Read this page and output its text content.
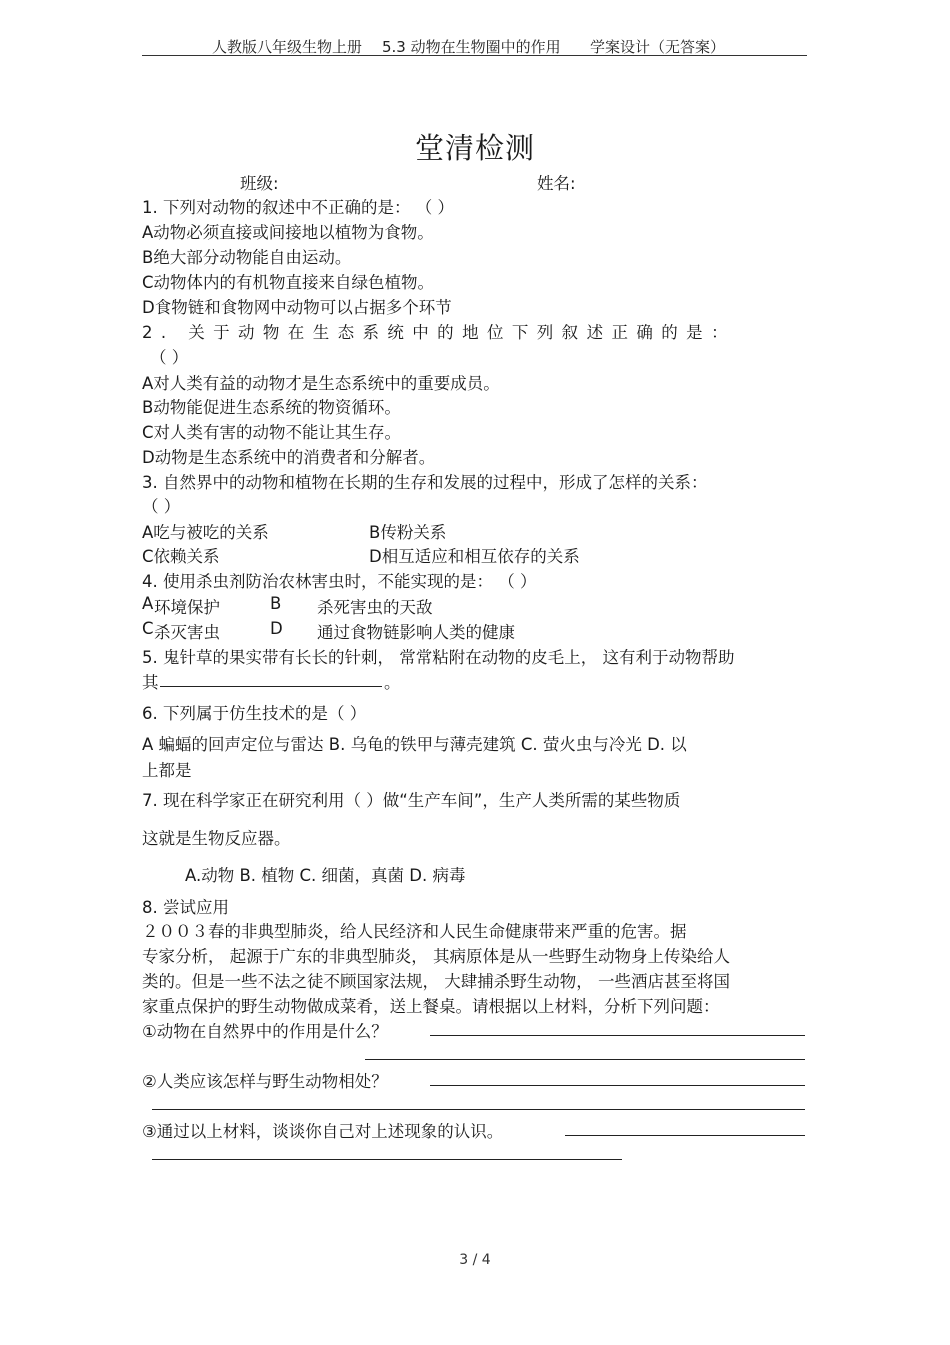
人教版八年级生物上册 5.3 动物在生物圈中的作用 学案设计（无答案）
堂清检测
班级:	姓名:
1. 下列对动物的叙述中不正确的是： （ ）
A动物必须直接或间接地以植物为食物。
B绝大部分动物能自由运动。
C动物体内的有机物直接来自绿色植物。
D食物链和食物网中动物可以占据多个环节
2. 关于动物在生态系统中的地位下列叙述正确的是：
（ ）
A对人类有益的动物才是生态系统中的重要成员。
B动物能促进生态系统的物资循环。
C对人类有害的动物不能让其生存。
D动物是生态系统中的消费者和分解者。
3. 自然界中的动物和植物在长期的生存和发展的过程中，形成了怎样的关系：
（ ）
A吃与被吃的关系	B传粉关系
C依赖关系	D相互适应和相互依存的关系
4. 使用杀虫剂防治农林害虫时，不能实现的是： （ ）
A 环境保护	B 杀死害虫的天敌
C 杀灭害虫	D 通过食物链影响人类的健康
5. 鬼针草的果实带有长长的针刺， 常常粘附在动物的皮毛上， 这有利于动物帮助
其	。
6. 下列属于仿生技术的是（ ）
A 蝙蝠的回声定位与雷达 B. 乌龟的铁甲与薄壳建筑 C. 萤火虫与冷光 D. 以
上都是
7. 现在科学家正在研究利用（ ）做“生产车间”，生产人类所需的某些物质
这就是生物反应器。
A.动物 B. 植物 C. 细菌，真菌 D. 病毒
8. 尝试应用
２００３春的非典型肺炎，给人民经济和人民生命健康带来严重的危害。据
专家分析， 起源于广东的非典型肺炎， 其病原体是从一些野生动物身上传染给人
类的。但是一些不法之徒不顾国家法规， 大肆捕杀野生动物， 一些酒店甚至将国
家重点保护的野生动物做成菜肴，送上餐桌。请根据以上材料，分析下列问题：
①动物在自然界中的作用是什么？
②人类应该怎样与野生动物相处？
③通过以上材料，谈谈你自己对上述现象的认识。
3 / 4
